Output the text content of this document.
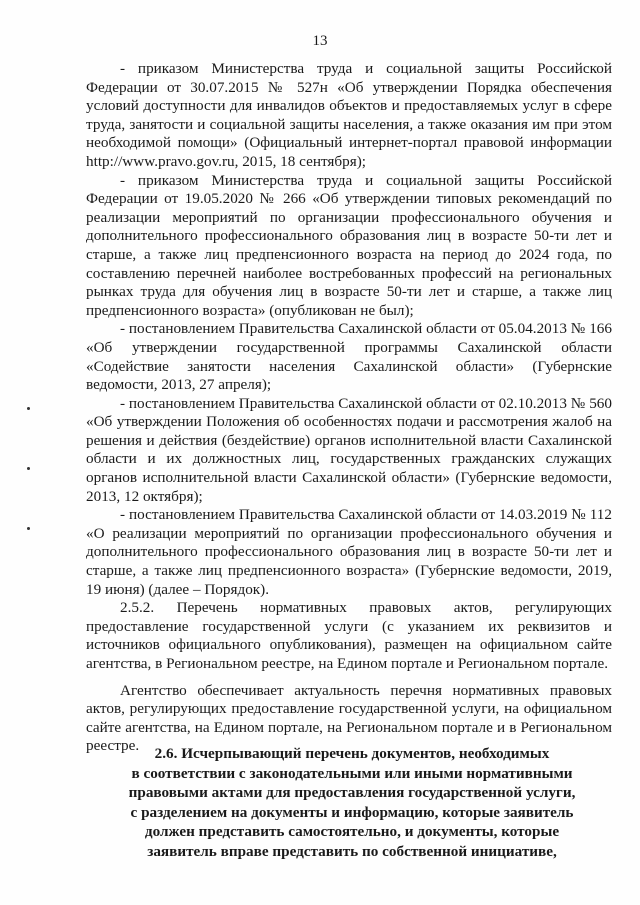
13

- приказом Министерства труда и социальной защиты Российской Федерации от 30.07.2015 № 527н «Об утверждении Порядка обеспечения условий доступности для инвалидов объектов и предоставляемых услуг в сфере труда, занятости и социальной защиты населения, а также оказания им при этом необходимой помощи» (Официальный интернет-портал правовой информации http://www.pravo.gov.ru, 2015, 18 сентября);

- приказом Министерства труда и социальной защиты Российской Федерации от 19.05.2020 № 266 «Об утверждении типовых рекомендаций по реализации мероприятий по организации профессионального обучения и дополнительного профессионального образования лиц в возрасте 50-ти лет и старше, а также лиц предпенсионного возраста на период до 2024 года, по составлению перечней наиболее востребованных профессий на региональных рынках труда для обучения лиц в возрасте 50-ти лет и старше, а также лиц предпенсионного возраста» (опубликован не был);

- постановлением Правительства Сахалинской области от 05.04.2013 № 166 «Об утверждении государственной программы Сахалинской области «Содействие занятости населения Сахалинской области» (Губернские ведомости, 2013, 27 апреля);

- постановлением Правительства Сахалинской области от 02.10.2013 № 560 «Об утверждении Положения об особенностях подачи и рассмотрения жалоб на решения и действия (бездействие) органов исполнительной власти Сахалинской области и их должностных лиц, государственных гражданских служащих органов исполнительной власти Сахалинской области» (Губернские ведомости, 2013, 12 октября);

- постановлением Правительства Сахалинской области от 14.03.2019 № 112 «О реализации мероприятий по организации профессионального обучения и дополнительного профессионального образования лиц в возрасте 50-ти лет и старше, а также лиц предпенсионного возраста» (Губернские ведомости, 2019, 19 июня) (далее – Порядок).

2.5.2. Перечень нормативных правовых актов, регулирующих предоставление государственной услуги (с указанием их реквизитов и источников официального опубликования), размещен на официальном сайте агентства, в Региональном реестре, на Едином портале и Региональном портале.

Агентство обеспечивает актуальность перечня нормативных правовых актов, регулирующих предоставление государственной услуги, на официальном сайте агентства, на Едином портале, на Региональном портале и в Региональном реестре.	2.6. Исчерпывающий перечень документов, необходимых

в соответствии с законодательными или иными нормативными

правовыми актами для предоставления государственной услуги,

с разделением на документы и информацию, которые заявитель

должен представить самостоятельно, и документы, которые

заявитель вправе представить по собственной инициативе,
